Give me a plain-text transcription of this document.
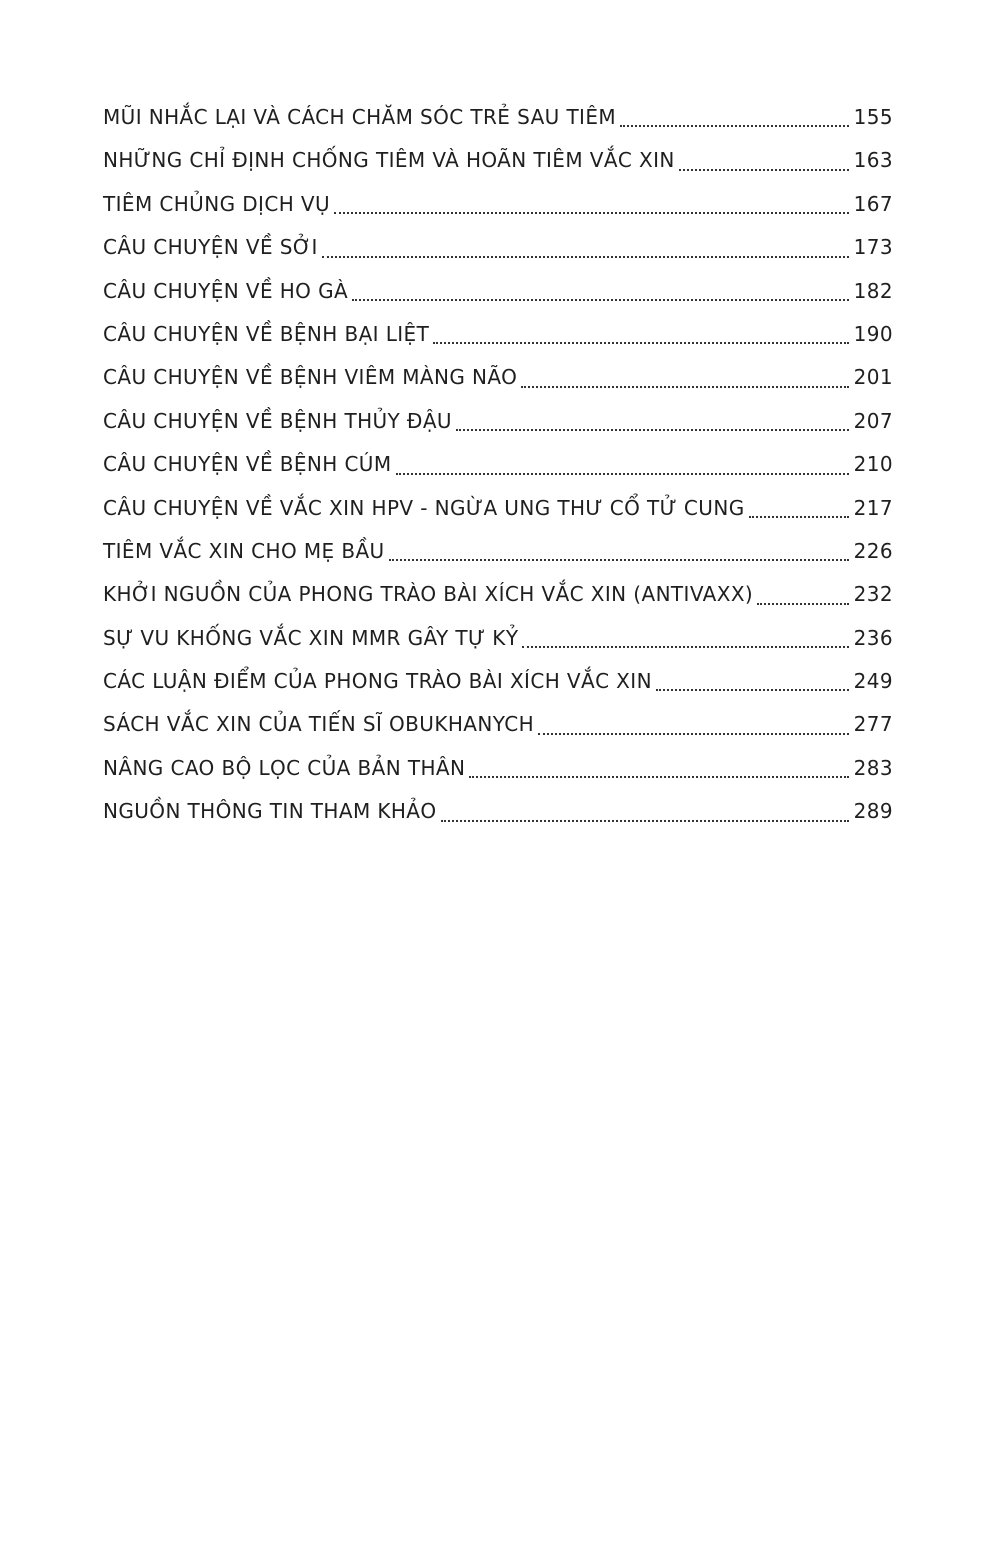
MŨI NHẮC LẠI VÀ CÁCH CHĂM SÓC TRẺ SAU TIÊM	155
NHỮNG CHỈ ĐỊNH CHỐNG TIÊM VÀ HOÃN TIÊM VẮC XIN	163
TIÊM CHỦNG DỊCH VỤ	167
CÂU CHUYỆN VỀ SỞI	173
CÂU CHUYỆN VỀ HO GÀ	182
CÂU CHUYỆN VỀ BỆNH BẠI LIỆT	190
CÂU CHUYỆN VỀ BỆNH VIÊM MÀNG NÃO	201
CÂU CHUYỆN VỀ BỆNH THỦY ĐẬU	207
CÂU CHUYỆN VỀ BỆNH CÚM	210
CÂU CHUYỆN VỀ VẮC XIN HPV - NGỪA UNG THƯ CỔ TỬ CUNG	217
TIÊM VẮC XIN CHO MẸ BẦU	226
KHỞI NGUỒN CỦA PHONG TRÀO BÀI XÍCH VẮC XIN (ANTIVAXX)	232
SỰ VU KHỐNG VẮC XIN MMR GÂY TỰ KỶ	236
CÁC LUẬN ĐIỂM CỦA PHONG TRÀO BÀI XÍCH VẮC XIN	249
SÁCH VẮC XIN CỦA TIẾN SĨ OBUKHANYCH	277
NÂNG CAO BỘ LỌC CỦA BẢN THÂN	283
NGUỒN THÔNG TIN THAM KHẢO	289
